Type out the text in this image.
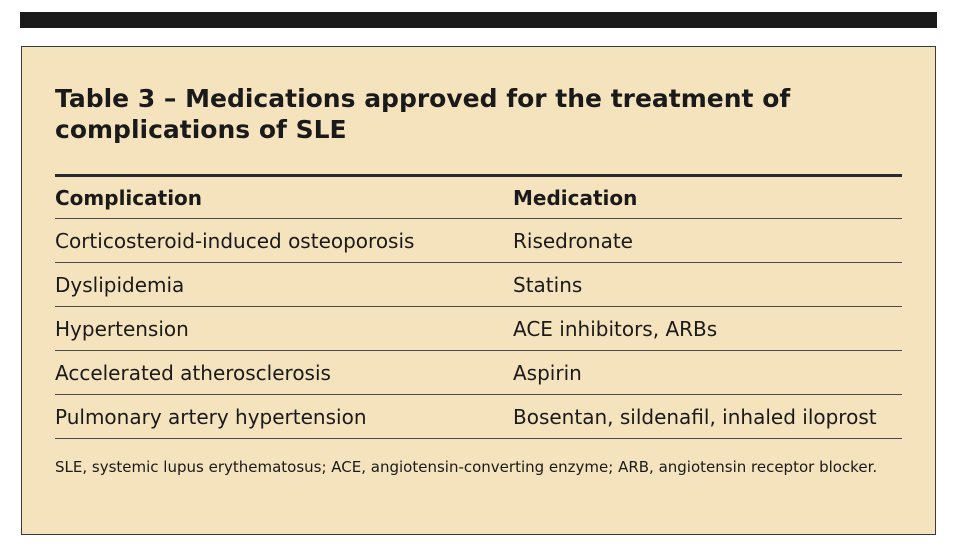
Table 3 – Medications approved for the treatment of complications of SLE
Complication	Medication
Corticosteroid-induced osteoporosis	Risedronate
Dyslipidemia	Statins
Hypertension	ACE inhibitors, ARBs
Accelerated atherosclerosis	Aspirin
Pulmonary artery hypertension	Bosentan, sildenafil, inhaled iloprost

SLE, systemic lupus erythematosus; ACE, angiotensin-converting enzyme; ARB, angiotensin receptor blocker.
